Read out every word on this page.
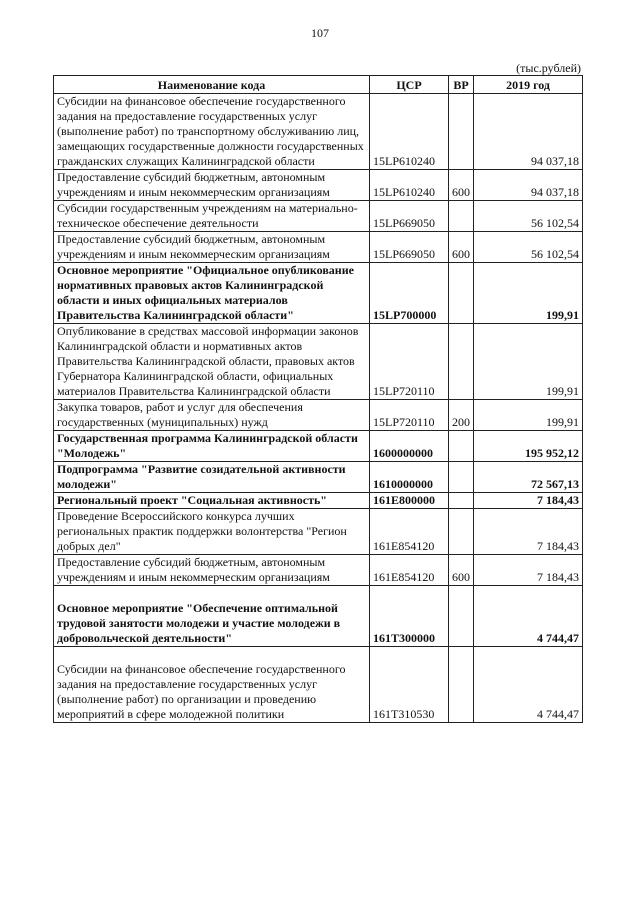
107
(тыс.рублей)
Наименование кода	ЦСР	ВР	2019 год

Субсидии на финансовое обеспечение государственного задания на предоставление государственных услуг (выполнение работ) по транспортному обслуживанию лиц, замещающих государственные должности государственных гражданских служащих Калининградской области	15LP610240		94 037,18

Предоставление субсидий бюджетным, автономным учреждениям и иным некоммерческим организациям	15LP610240	600	94 037,18

Субсидии государственным учреждениям на материально-техническое обеспечение деятельности	15LP669050		56 102,54

Предоставление субсидий бюджетным, автономным учреждениям и иным некоммерческим организациям	15LP669050	600	56 102,54

Основное мероприятие "Официальное опубликование нормативных правовых актов Калининградской области и иных официальных материалов Правительства Калининградской области"	15LP700000		199,91

Опубликование в средствах массовой информации законов Калининградской области и нормативных актов Правительства Калининградской области, правовых актов Губернатора Калининградской области, официальных материалов Правительства Калининградской области	15LP720110		199,91

Закупка товаров, работ и услуг для обеспечения государственных (муниципальных) нужд	15LP720110	200	199,91

Государственная программа Калининградской области "Молодежь"	1600000000		195 952,12

Подпрограмма "Развитие созидательной активности молодежи"	1610000000		72 567,13

Региональный проект "Социальная активность"	161E800000		7 184,43

Проведение Всероссийского конкурса лучших региональных практик поддержки волонтерства "Регион добрых дел"	161E854120		7 184,43

Предоставление субсидий бюджетным, автономным учреждениям и иным некоммерческим организациям	161E854120	600	7 184,43

Основное мероприятие "Обеспечение оптимальной трудовой занятости молодежи и участие молодежи в добровольческой деятельности"	161T300000		4 744,47

Субсидии на финансовое обеспечение государственного задания на предоставление государственных услуг (выполнение работ) по организации и проведению мероприятий в сфере молодежной политики	161T310530		4 744,47
